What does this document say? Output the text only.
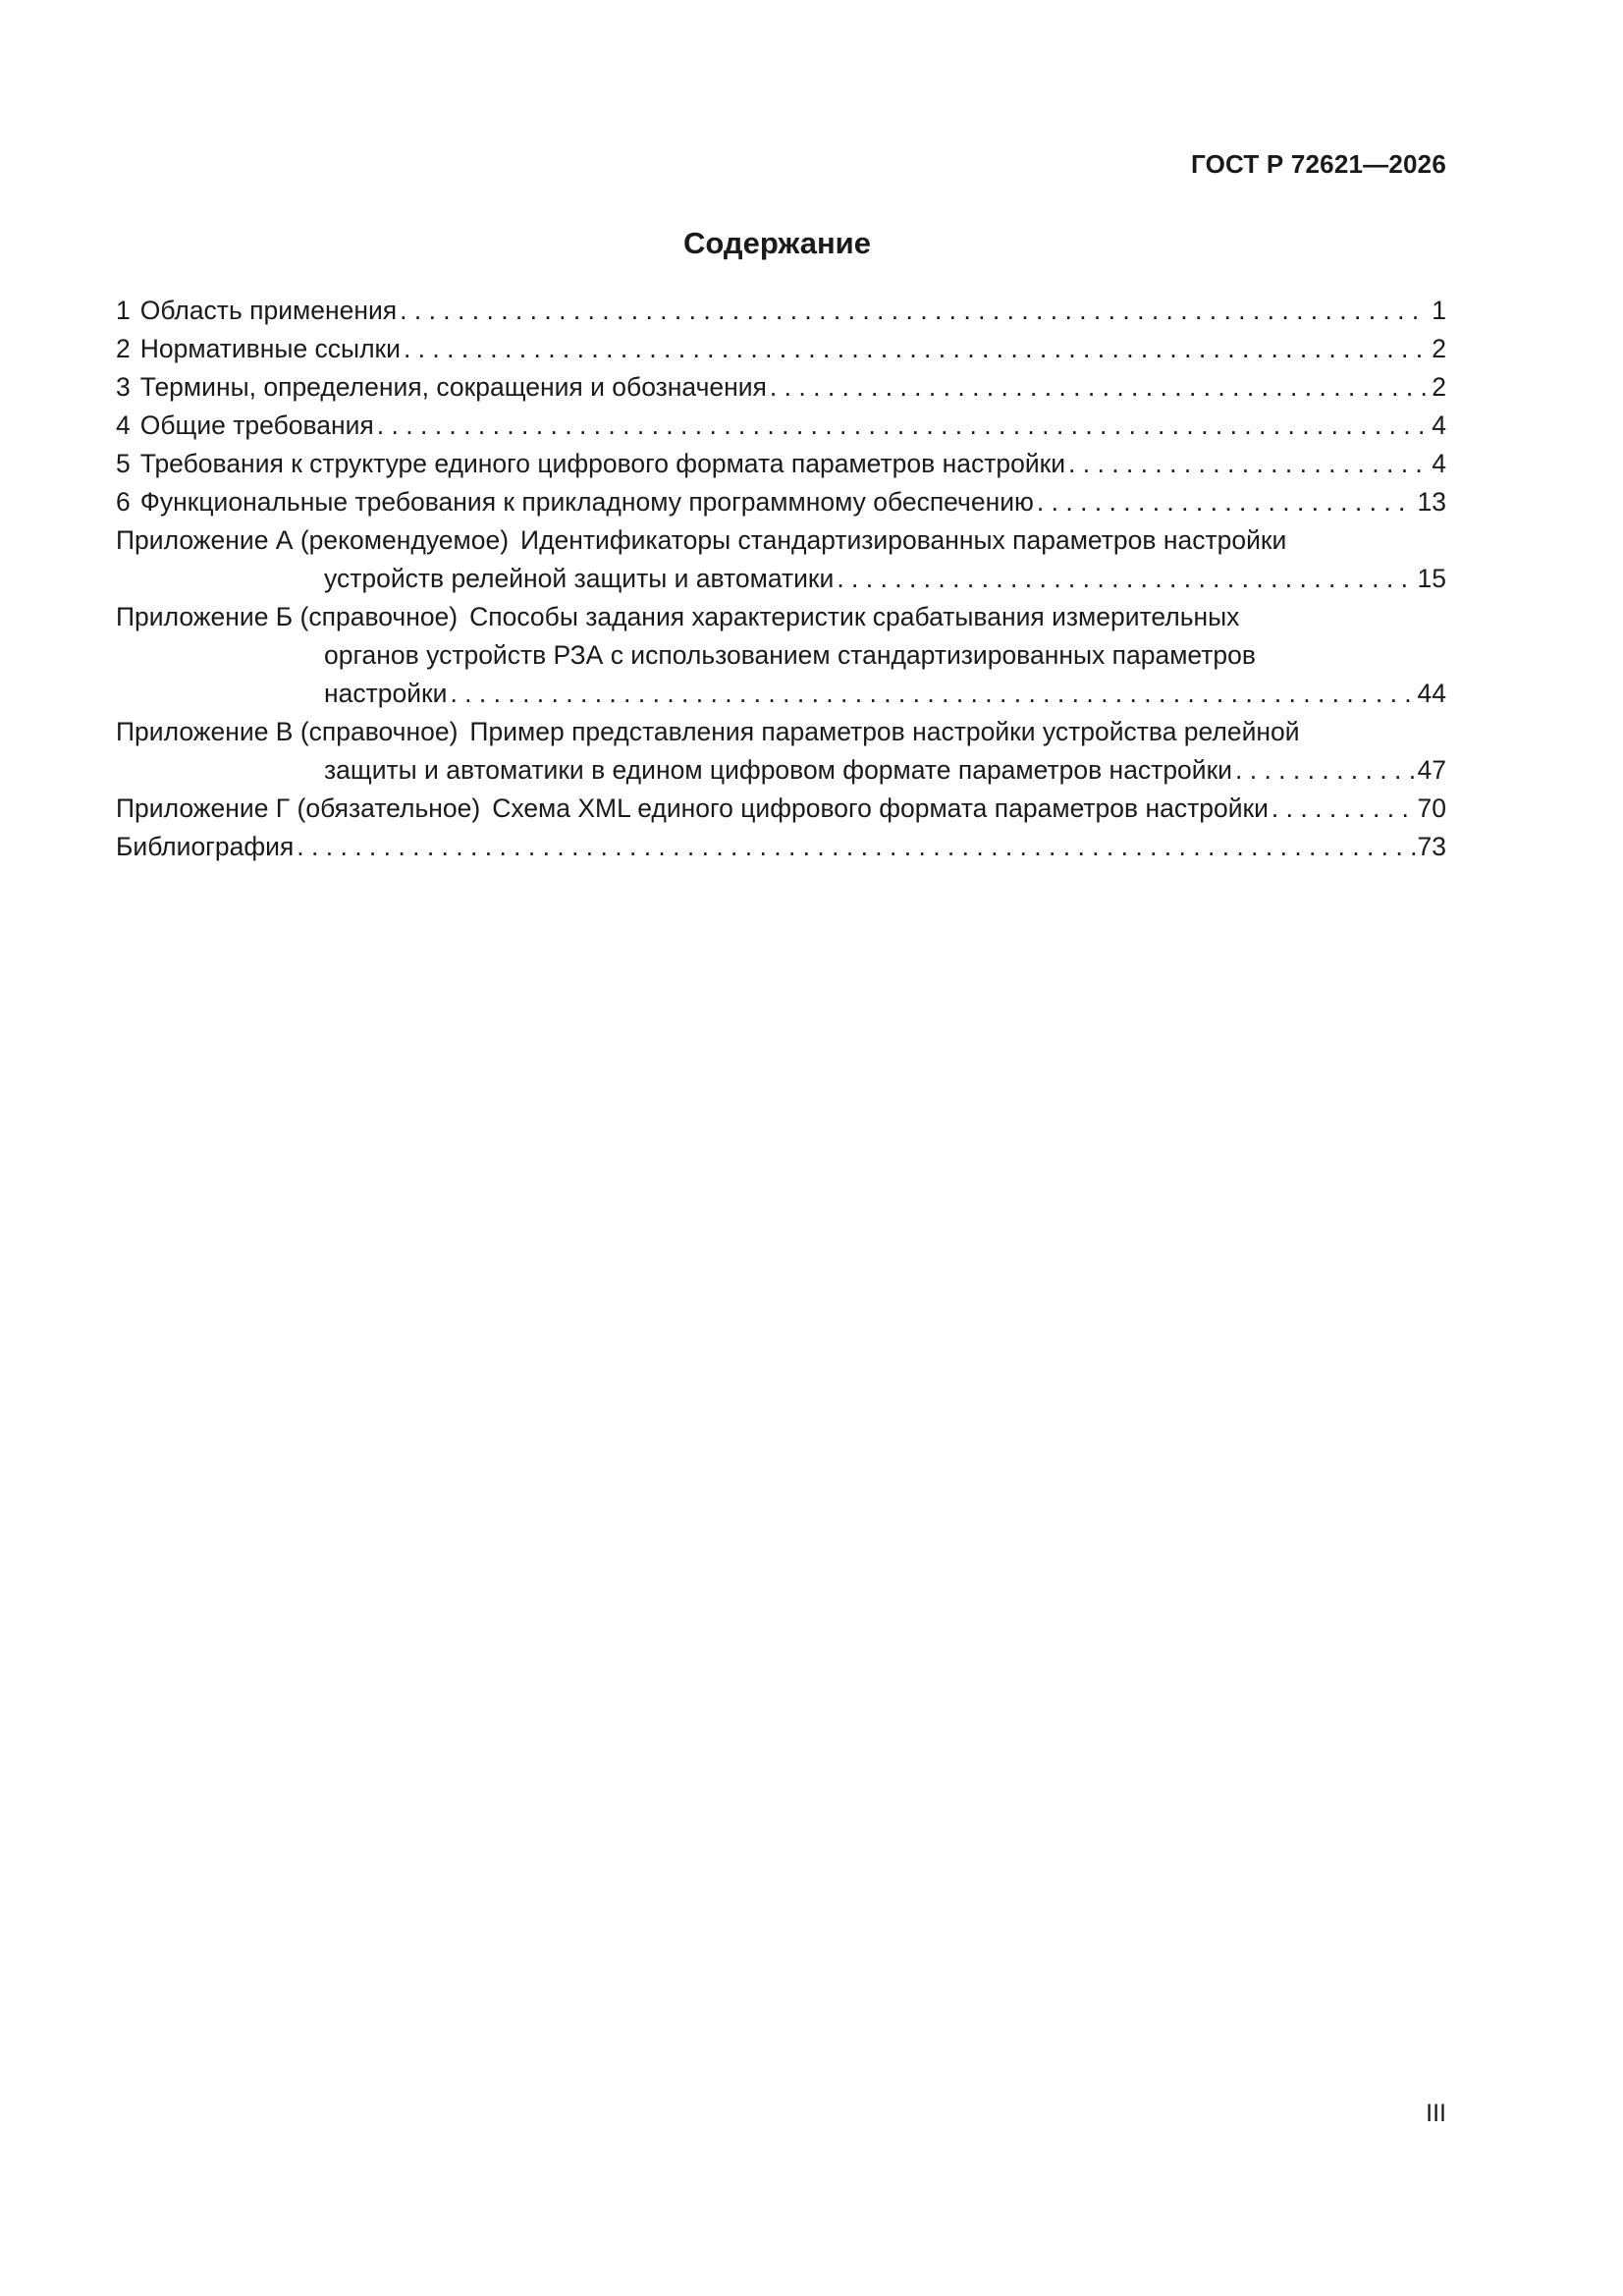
ГОСТ Р 72621—2026
Содержание
1 Область применения . . .	1
2 Нормативные ссылки . . .	2
3 Термины, определения, сокращения и обозначения . . .	2
4 Общие требования . . .	4
5 Требования к структуре единого цифрового формата параметров настройки . . .	4
6 Функциональные требования к прикладному программному обеспечению . . .	13
Приложение А (рекомендуемое) Идентификаторы стандартизированных параметров настройки
устройств релейной защиты и автоматики . . .	15
Приложение Б (справочное) Способы задания характеристик срабатывания измерительных
органов устройств РЗА с использованием стандартизированных параметров
настройки . . .	44
Приложение В (справочное) Пример представления параметров настройки устройства релейной
защиты и автоматики в едином цифровом формате параметров настройки . . .	47
Приложение Г (обязательное) Схема XML единого цифрового формата параметров настройки . . .	70
Библиография . . .	73
III
